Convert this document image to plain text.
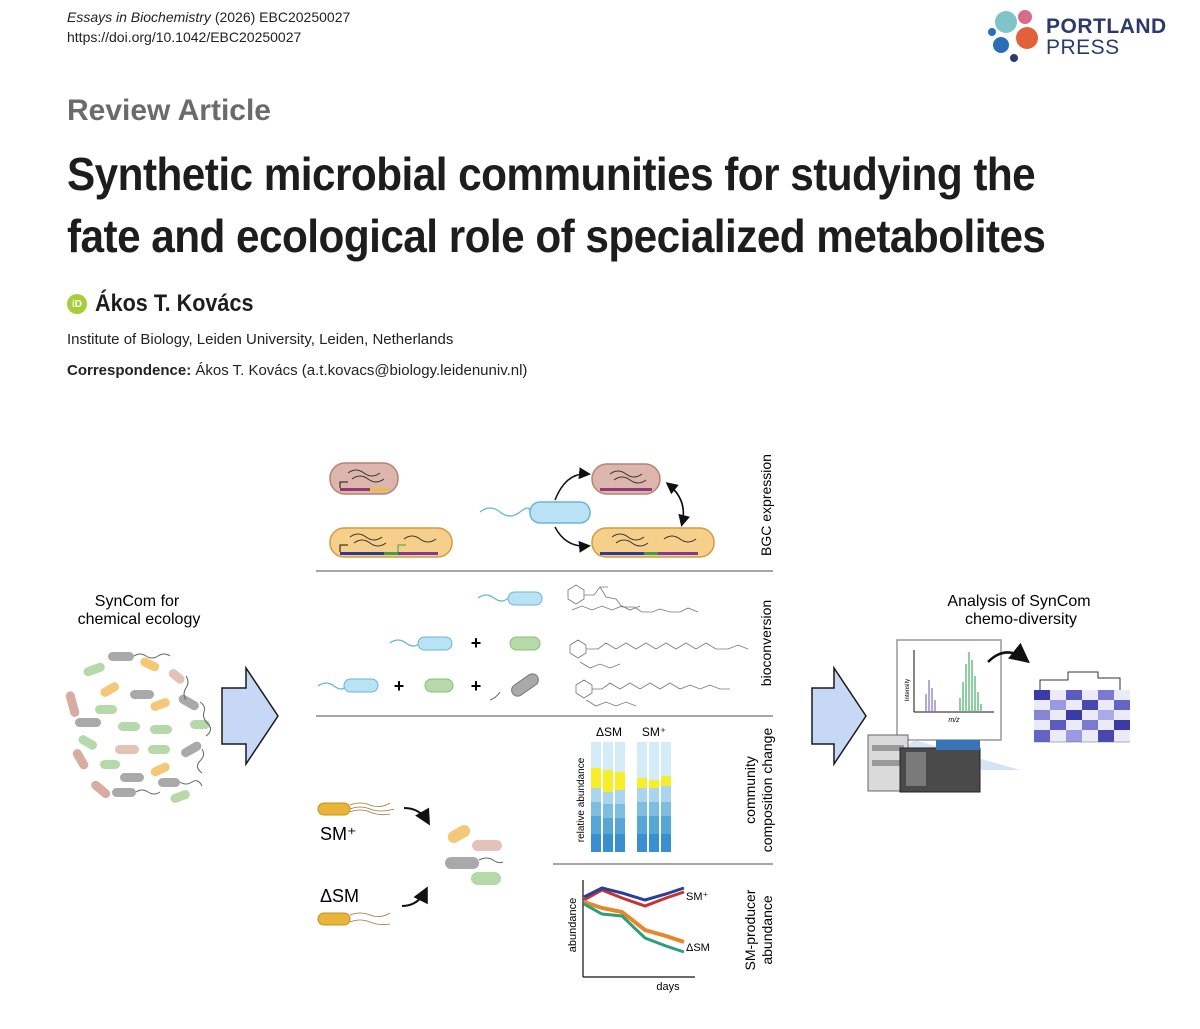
Essays in Biochemistry (2026) EBC20250027
https://doi.org/10.1042/EBC20250027	PORTLAND
PRESS
Review Article
Synthetic microbial communities for studying the fate and ecological role of specialized metabolites
iD Ákos T. Kovács
Institute of Biology, Leiden University, Leiden, Netherlands
Correspondence: Ákos T. Kovács (a.t.kovacs@biology.leidenuniv.nl)
SynCom for
chemical ecology
BGC expression
+
+	+	bioconversion
ΔSM SM⁺
relative abundance
SM⁺
ΔSM
community composition change
abundance
days
SM⁺
ΔSM SM-producer abundance
Analysis of SynCom
chemo-diversity
Intensity
m/z
